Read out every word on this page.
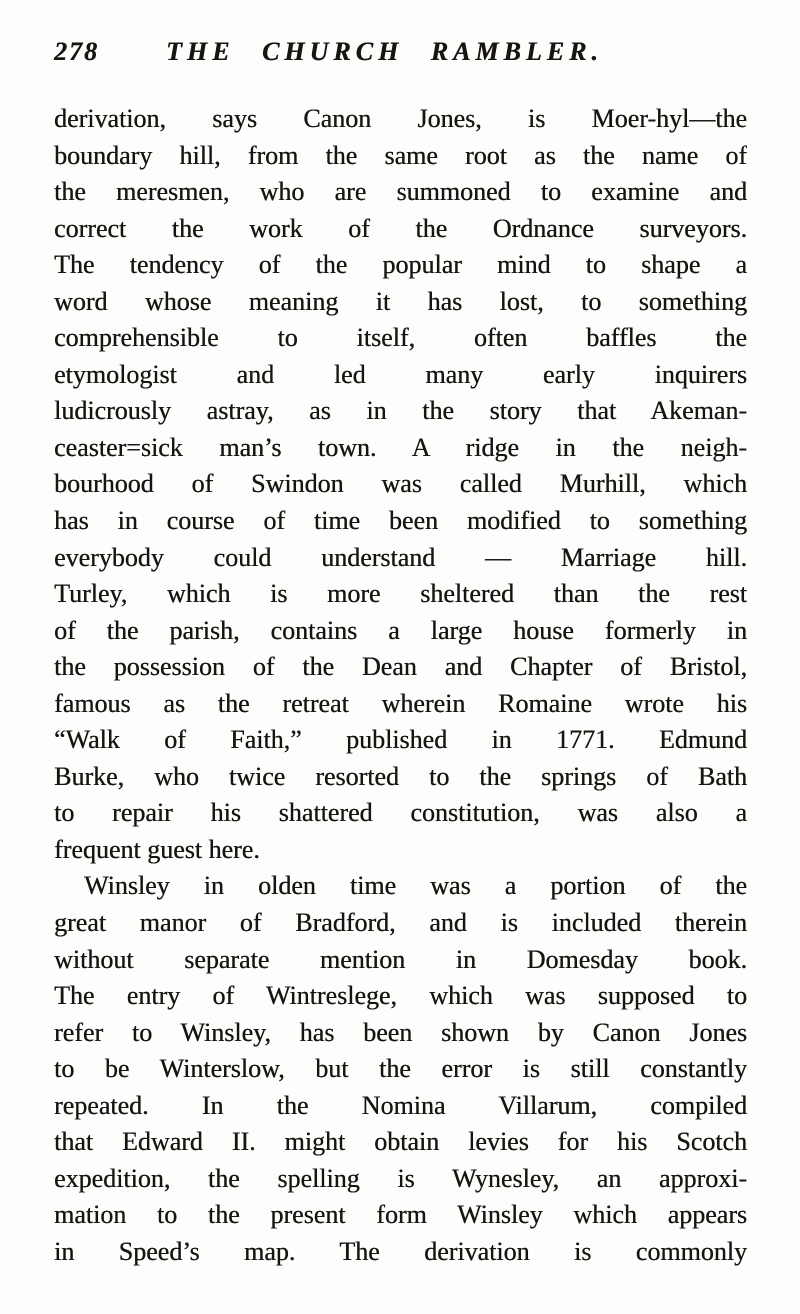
278	THE CHURCH RAMBLER.
derivation, says Canon Jones, is Moer-hyl—the
boundary hill, from the same root as the name of
the meresmen, who are summoned to examine and
correct the work of the Ordnance surveyors.
The tendency of the popular mind to shape a
word whose meaning it has lost, to something
comprehensible to itself, often baffles the
etymologist and led many early inquirers
ludicrously astray, as in the story that Akeman-
ceaster=sick man’s town. A ridge in the neigh-
bourhood of Swindon was called Murhill, which
has in course of time been modified to something
everybody could understand — Marriage hill.
Turley, which is more sheltered than the rest
of the parish, contains a large house formerly in
the possession of the Dean and Chapter of Bristol,
famous as the retreat wherein Romaine wrote his
“Walk of Faith,” published in 1771. Edmund
Burke, who twice resorted to the springs of Bath
to repair his shattered constitution, was also a
frequent guest here.
Winsley in olden time was a portion of the
great manor of Bradford, and is included therein
without separate mention in Domesday book.
The entry of Wintreslege, which was supposed to
refer to Winsley, has been shown by Canon Jones
to be Winterslow, but the error is still constantly
repeated. In the Nomina Villarum, compiled
that Edward II. might obtain levies for his Scotch
expedition, the spelling is Wynesley, an approxi-
mation to the present form Winsley which appears
in Speed’s map. The derivation is commonly
